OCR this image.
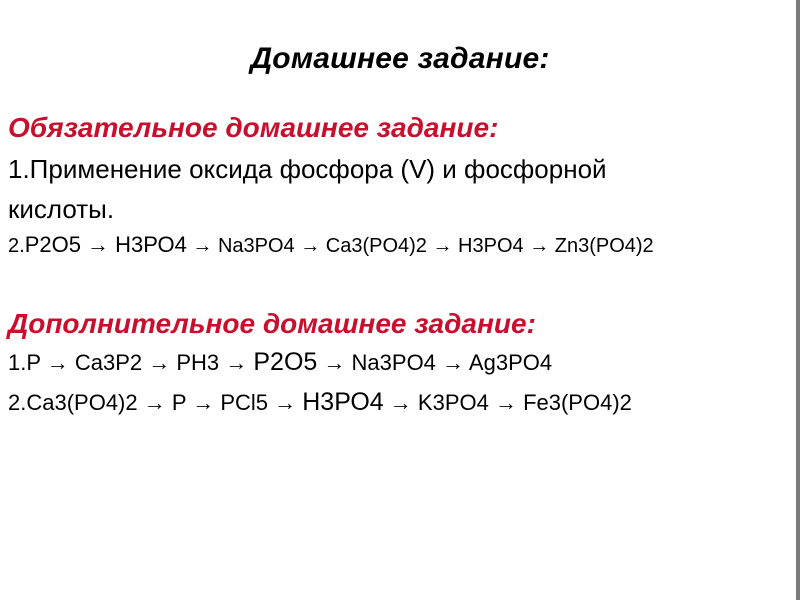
Домашнее задание:
Обязательное домашнее задание:
1.Применение оксида фосфора (V) и фосфорной
кислоты.
2.Р2О5 → Н3РО4 → Na3PO4 → Ca3(PO4)2 → H3PO4 → Zn3(PO4)2
Дополнительное домашнее задание:
1.P → Ca3P2 → PH3 → Р2О5 → Na3PO4 → Ag3PO4
2.Ca3(PO4)2 → P → PCl5 → Н3РО4 → K3PO4 → Fe3(PO4)2
